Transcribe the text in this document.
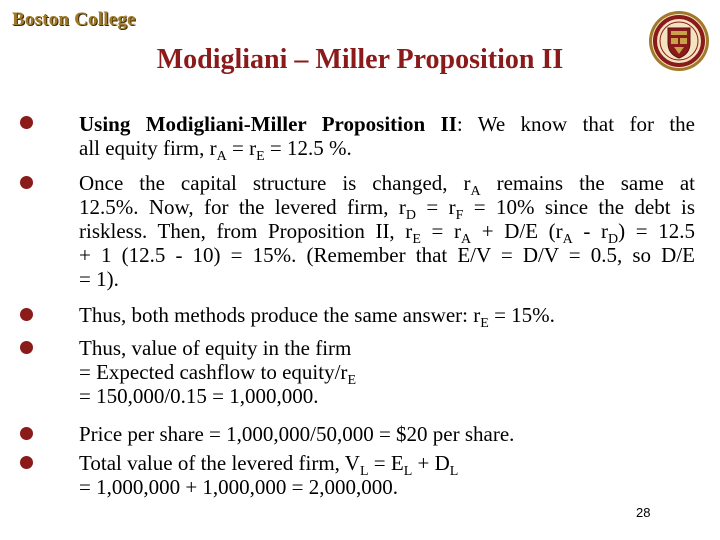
Boston College
Modigliani – Miller Proposition II
Using Modigliani-Miller Proposition II: We know that for the
all equity firm, $r_A = r_E = 12.5$ %.
Once the capital structure is changed, $r_A$ remains the same at
12.5%. Now, for the levered firm, $r_D = r_F = 10\%$ since the debt is
riskless. Then, from Proposition II, $r_E = r_A + D/E$ $(r_A - r_D) = 12.5$
+ 1 (12.5 - 10) = 15%. (Remember that E/V = D/V = 0.5, so D/E
= 1).
Thus, both methods produce the same answer: $r_E = 15\%$.
Thus, value of equity in the firm
= Expected cashflow to equity/$r_E$
= 150,000/0.15 = 1,000,000.
Price per share = 1,000,000/50,000 = $20 per share.
Total value of the levered firm, $V_L = E_L + D_L$
= 1,000,000 + 1,000,000 = 2,000,000.
28
